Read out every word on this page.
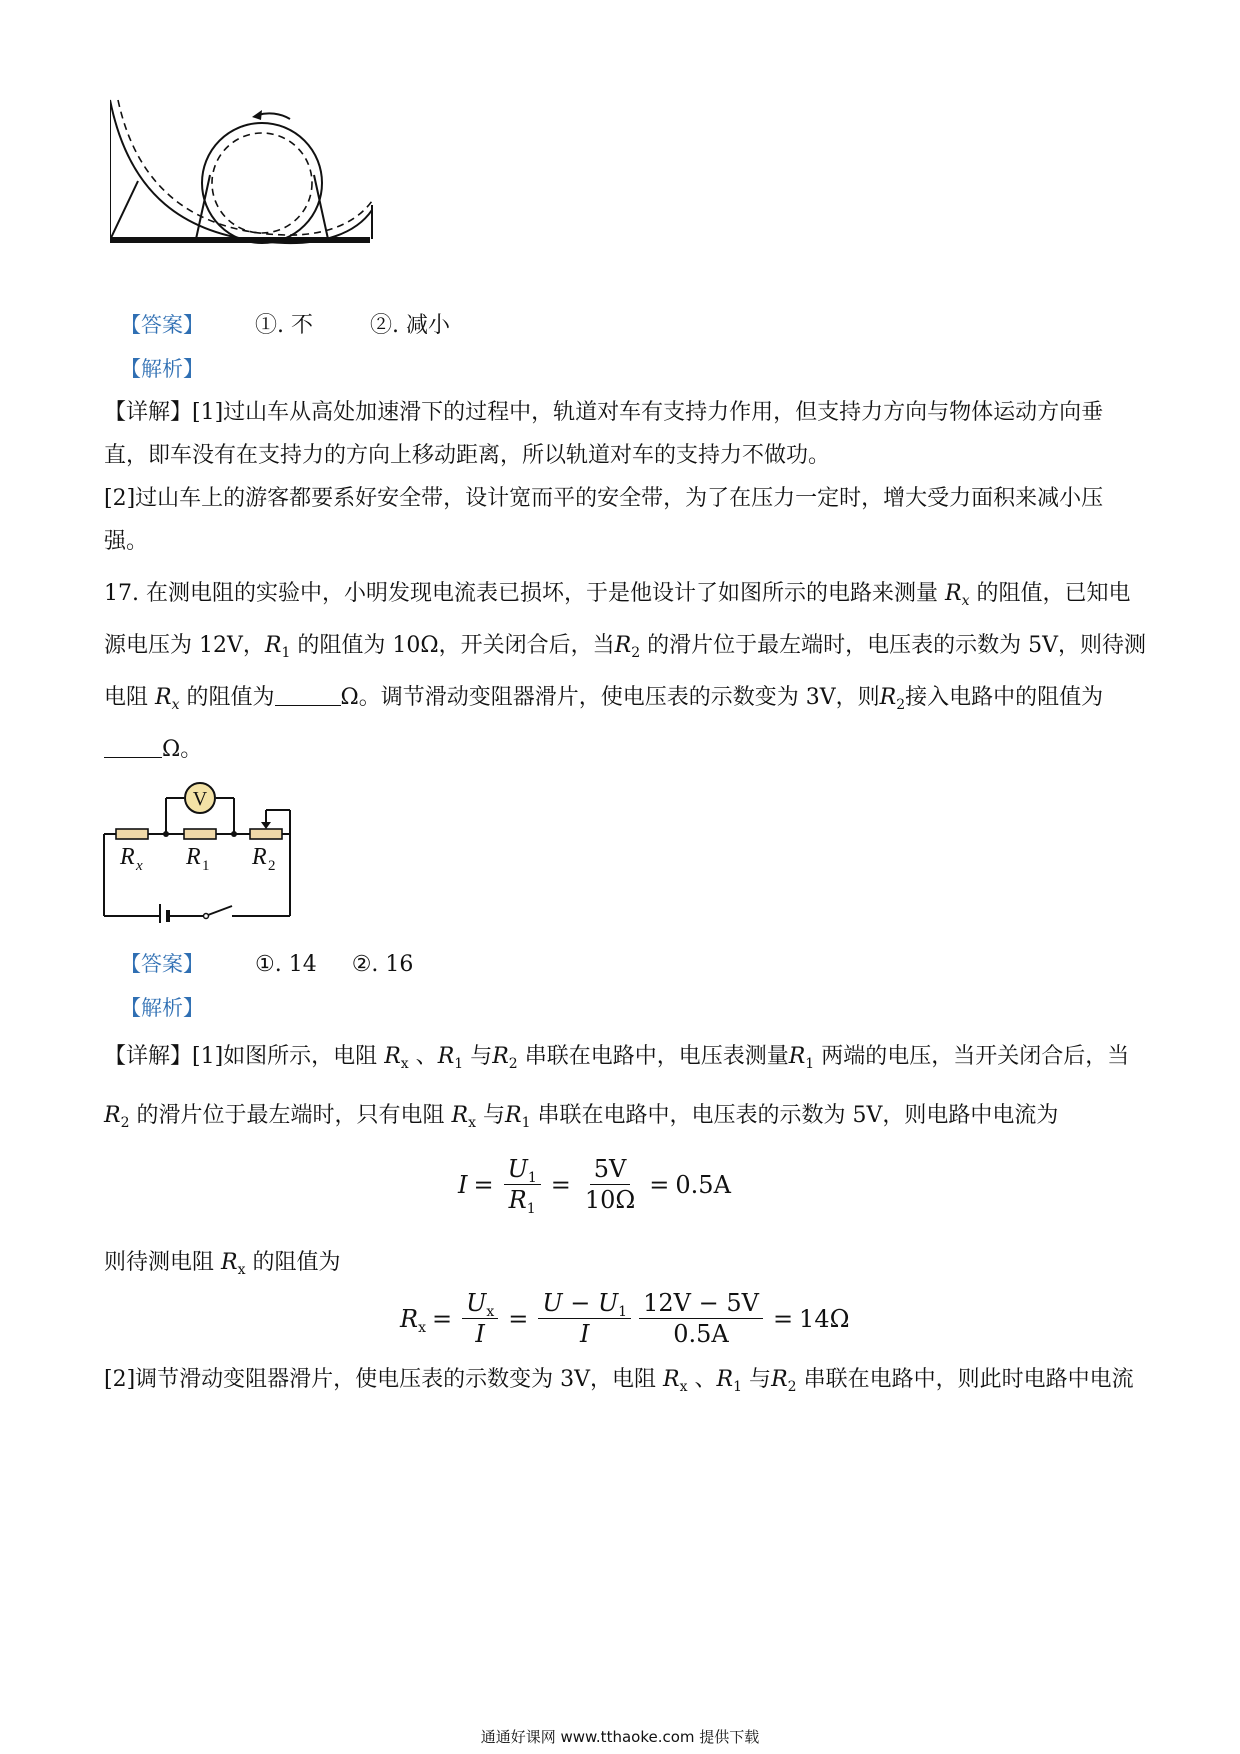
【答案】 ①. 不	②. 减小
【解析】
【详解】[1]过山车从高处加速滑下的过程中，轨道对车有支持力作用，但支持力方向与物体运动方向垂
直，即车没有在支持力的方向上移动距离，所以轨道对车的支持力不做功。
[2]过山车上的游客都要系好安全带，设计宽而平的安全带，为了在压力一定时，增大受力面积来减小压
强。
17. 在测电阻的实验中，小明发现电流表已损坏，于是他设计了如图所示的电路来测量 $R_x$ 的阻值，已知电
源电压为 12V，$R_1$ 的阻值为 10Ω，开关闭合后，当$R_2$ 的滑片位于最左端时，电压表的示数为 5V，则待测
电阻 $R_x$ 的阻值为	Ω。调节滑动变阻器滑片，使电压表的示数变为 3V，则$R_2$接入电路中的阻值为
Ω。
V
R x R 1 R 2
【答案】 ①. 14 ②. 16
【解析】
【详解】[1]如图所示，电阻 $R_x$ 、$R_1$ 与$R_2$ 串联在电路中，电压表测量$R_1$ 两端的电压，当开关闭合后，当
$R_2$ 的滑片位于最左端时，只有电阻 $R_x$ 与$R_1$ 串联在电路中，电压表的示数为 5V，则电路中电流为
$I = \frac{U_1}{R_1} = \frac{5V}{10\Omega} = 0.5A$
则待测电阻 $R_x$ 的阻值为
$R_x = \frac{U_x}{I} = \frac{U - U_1}{I} \frac{12V - 5V}{0.5A} = 14\Omega$
[2]调节滑动变阻器滑片，使电压表的示数变为 3V，电阻 $R_x$ 、$R_1$ 与$R_2$ 串联在电路中，则此时电路中电流
通通好课网 www.tthaoke.com 提供下载
